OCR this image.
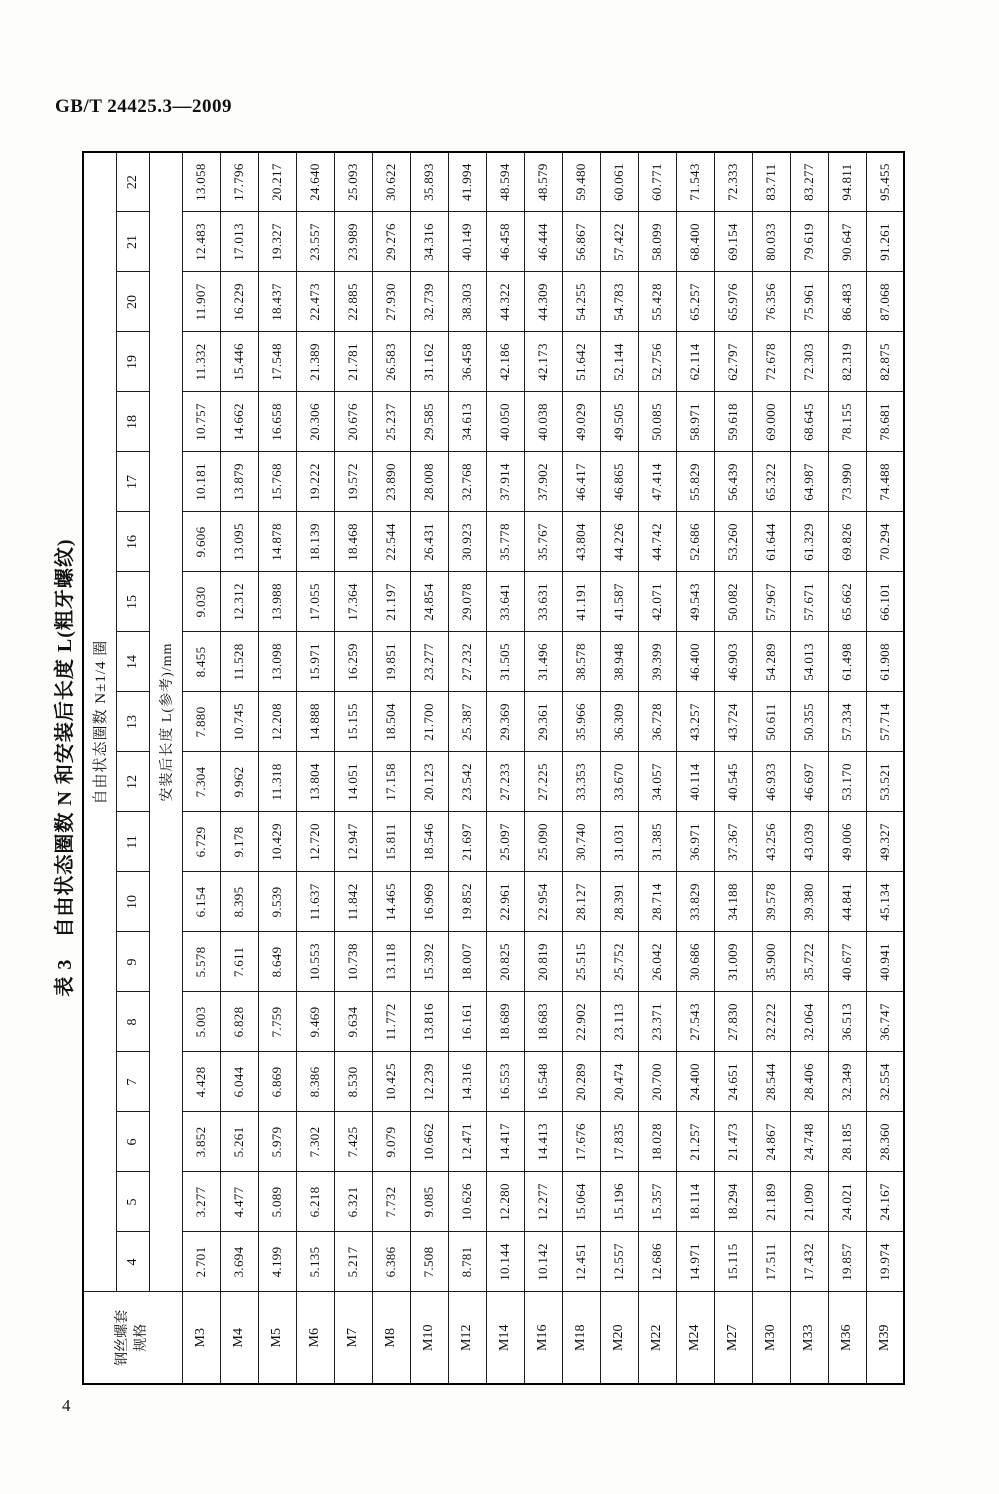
GB/T 24425.3—2009
表 3　自由状态圈数 N 和安装后长度 L(粗牙螺纹)
钢丝螺套 规格	自由状态圈数 N±1/4 圈																		
	4	5	6	7	8	9	10	11	12	13	14	15	16	17	18	19	20	21	22
	安装后长度 L(参考)/mm																		
M3	2.701	3.277	3.852	4.428	5.003	5.578	6.154	6.729	7.304	7.880	8.455	9.030	9.606	10.181	10.757	11.332	11.907	12.483	13.058
M4	3.694	4.477	5.261	6.044	6.828	7.611	8.395	9.178	9.962	10.745	11.528	12.312	13.095	13.879	14.662	15.446	16.229	17.013	17.796
M5	4.199	5.089	5.979	6.869	7.759	8.649	9.539	10.429	11.318	12.208	13.098	13.988	14.878	15.768	16.658	17.548	18.437	19.327	20.217
M6	5.135	6.218	7.302	8.386	9.469	10.553	11.637	12.720	13.804	14.888	15.971	17.055	18.139	19.222	20.306	21.389	22.473	23.557	24.640
M7	5.217	6.321	7.425	8.530	9.634	10.738	11.842	12.947	14.051	15.155	16.259	17.364	18.468	19.572	20.676	21.781	22.885	23.989	25.093
M8	6.386	7.732	9.079	10.425	11.772	13.118	14.465	15.811	17.158	18.504	19.851	21.197	22.544	23.890	25.237	26.583	27.930	29.276	30.622
M10	7.508	9.085	10.662	12.239	13.816	15.392	16.969	18.546	20.123	21.700	23.277	24.854	26.431	28.008	29.585	31.162	32.739	34.316	35.893
M12	8.781	10.626	12.471	14.316	16.161	18.007	19.852	21.697	23.542	25.387	27.232	29.078	30.923	32.768	34.613	36.458	38.303	40.149	41.994
M14	10.144	12.280	14.417	16.553	18.689	20.825	22.961	25.097	27.233	29.369	31.505	33.641	35.778	37.914	40.050	42.186	44.322	46.458	48.594
M16	10.142	12.277	14.413	16.548	18.683	20.819	22.954	25.090	27.225	29.361	31.496	33.631	35.767	37.902	40.038	42.173	44.309	46.444	48.579
M18	12.451	15.064	17.676	20.289	22.902	25.515	28.127	30.740	33.353	35.966	38.578	41.191	43.804	46.417	49.029	51.642	54.255	56.867	59.480
M20	12.557	15.196	17.835	20.474	23.113	25.752	28.391	31.031	33.670	36.309	38.948	41.587	44.226	46.865	49.505	52.144	54.783	57.422	60.061
M22	12.686	15.357	18.028	20.700	23.371	26.042	28.714	31.385	34.057	36.728	39.399	42.071	44.742	47.414	50.085	52.756	55.428	58.099	60.771
M24	14.971	18.114	21.257	24.400	27.543	30.686	33.829	36.971	40.114	43.257	46.400	49.543	52.686	55.829	58.971	62.114	65.257	68.400	71.543
M27	15.115	18.294	21.473	24.651	27.830	31.009	34.188	37.367	40.545	43.724	46.903	50.082	53.260	56.439	59.618	62.797	65.976	69.154	72.333
M30	17.511	21.189	24.867	28.544	32.222	35.900	39.578	43.256	46.933	50.611	54.289	57.967	61.644	65.322	69.000	72.678	76.356	80.033	83.711
M33	17.432	21.090	24.748	28.406	32.064	35.722	39.380	43.039	46.697	50.355	54.013	57.671	61.329	64.987	68.645	72.303	75.961	79.619	83.277
M36	19.857	24.021	28.185	32.349	36.513	40.677	44.841	49.006	53.170	57.334	61.498	65.662	69.826	73.990	78.155	82.319	86.483	90.647	94.811
M39	19.974	24.167	28.360	32.554	36.747	40.941	45.134	49.327	53.521	57.714	61.908	66.101	70.294	74.488	78.681	82.875	87.068	91.261	95.455
4
